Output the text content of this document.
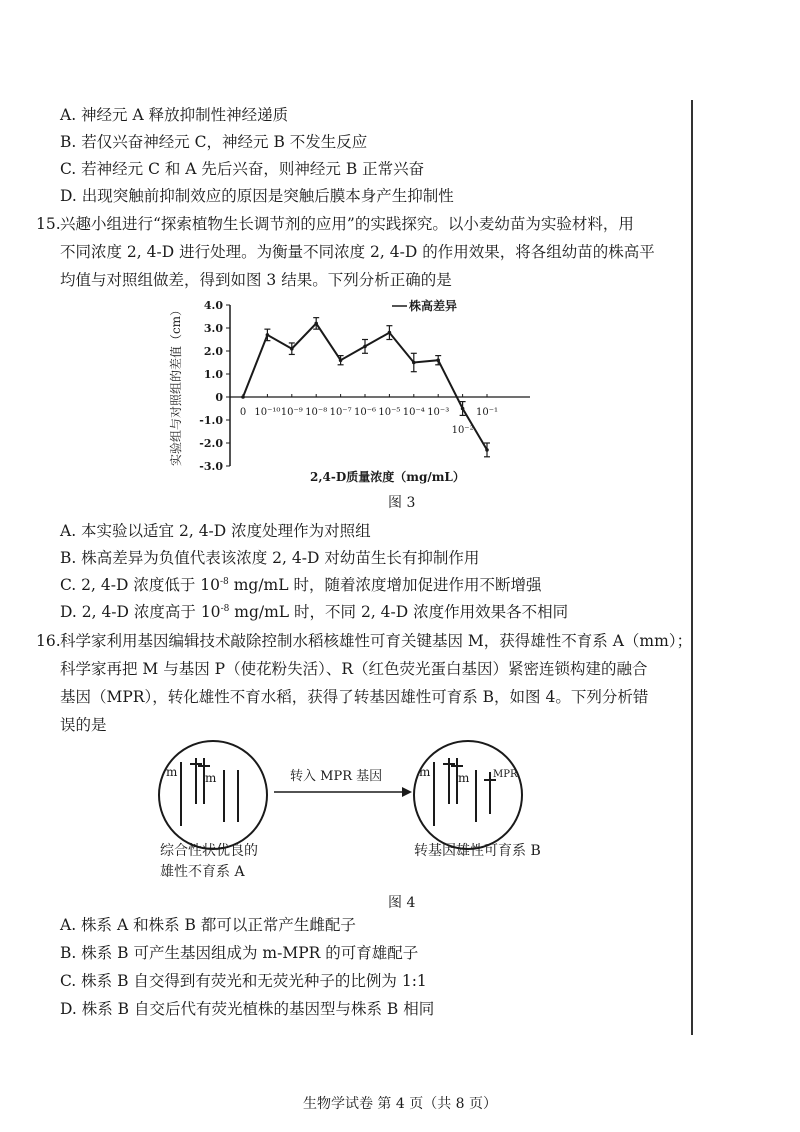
A. 神经元 A 释放抑制性神经递质
B. 若仅兴奋神经元 C，神经元 B 不发生反应
C. 若神经元 C 和 A 先后兴奋，则神经元 B 正常兴奋
D. 出现突触前抑制效应的原因是突触后膜本身产生抑制性
15. 兴趣小组进行“探索植物生长调节剂的应用”的实践探究。以小麦幼苗为实验材料，用
不同浓度 2, 4-D 进行处理。为衡量不同浓度 2, 4-D 的作用效果，将各组幼苗的株高平
均值与对照组做差，得到如图 3 结果。下列分析正确的是
4.0
3.0
2.0
1.0
0
-1.0
-2.0
-3.0
0 10⁻¹⁰ 10⁻⁹ 10⁻⁸ 10⁻⁷ 10⁻⁶ 10⁻⁵ 10⁻⁴ 10⁻³
10⁻²
10⁻¹
实验组与对照组的差值（cm）
2,4-D质量浓度（mg/mL）
株高差异
图 3
A. 本实验以适宜 2, 4-D 浓度处理作为对照组
B. 株高差异为负值代表该浓度 2, 4-D 对幼苗生长有抑制作用
C. 2, 4-D 浓度低于 $10^{-8}$ mg/mL 时，随着浓度增加促进作用不断增强
D. 2, 4-D 浓度高于 $10^{-8}$ mg/mL 时，不同 2, 4-D 浓度作用效果各不相同
16. 科学家利用基因编辑技术敲除控制水稻核雄性可育关键基因 M，获得雄性不育系 A（mm）；
科学家再把 M 与基因 P（使花粉失活）、R（红色荧光蛋白基因）紧密连锁构建的融合
基因（MPR），转化雄性不育水稻，获得了转基因雄性可育系 B，如图 4。下列分析错
误的是
m m	转入 MPR 基因	m m MPR
综合性状优良的
雄性不育系 A
转基因雄性可育系 B
图 4
A. 株系 A 和株系 B 都可以正常产生雌配子
B. 株系 B 可产生基因组成为 m-MPR 的可育雄配子
C. 株系 B 自交得到有荧光和无荧光种子的比例为 1:1
D. 株系 B 自交后代有荧光植株的基因型与株系 B 相同
生物学试卷 第 4 页（共 8 页）
